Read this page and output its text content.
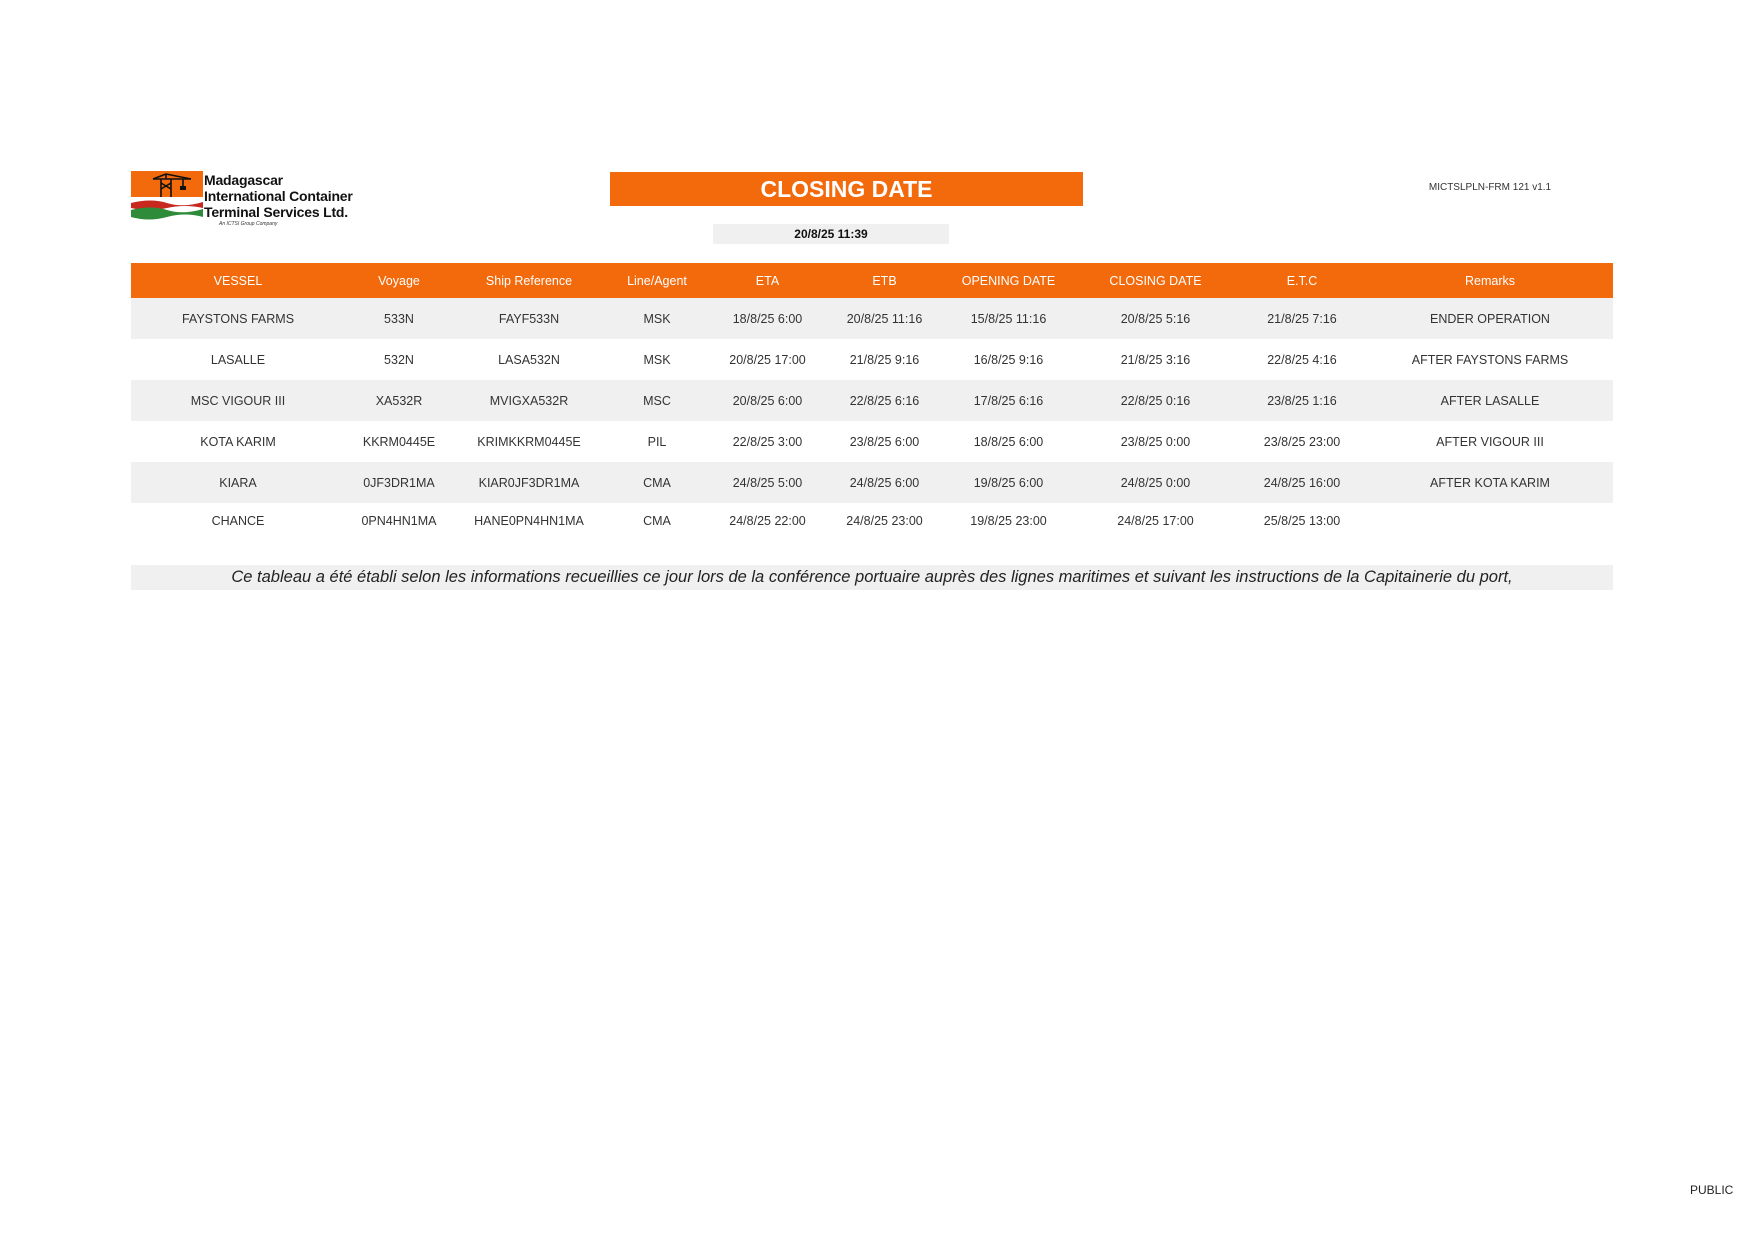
Madagascar
International Container
Terminal Services Ltd.
An ICTSI Group Company
CLOSING DATE	MICTSLPLN-FRM 121 v1.1
20/8/25 11:39
VESSEL	Voyage	Ship Reference	Line/Agent	ETA	ETB	OPENING DATE	CLOSING DATE	E.T.C	Remarks
FAYSTONS FARMS	533N	FAYF533N	MSK	18/8/25 6:00	20/8/25 11:16	15/8/25 11:16	20/8/25 5:16	21/8/25 7:16	ENDER OPERATION
LASALLE	532N	LASA532N	MSK	20/8/25 17:00	21/8/25 9:16	16/8/25 9:16	21/8/25 3:16	22/8/25 4:16	AFTER FAYSTONS FARMS
MSC VIGOUR III	XA532R	MVIGXA532R	MSC	20/8/25 6:00	22/8/25 6:16	17/8/25 6:16	22/8/25 0:16	23/8/25 1:16	AFTER LASALLE
KOTA KARIM	KKRM0445E	KRIMKKRM0445E	PIL	22/8/25 3:00	23/8/25 6:00	18/8/25 6:00	23/8/25 0:00	23/8/25 23:00	AFTER VIGOUR III
KIARA	0JF3DR1MA	KIAR0JF3DR1MA	CMA	24/8/25 5:00	24/8/25 6:00	19/8/25 6:00	24/8/25 0:00	24/8/25 16:00	AFTER KOTA KARIM
CHANCE	0PN4HN1MA	HANE0PN4HN1MA	CMA	24/8/25 22:00	24/8/25 23:00	19/8/25 23:00	24/8/25 17:00	25/8/25 13:00	
Ce tableau a été établi selon les informations recueillies ce jour lors de la conférence portuaire auprès des lignes maritimes et suivant les instructions de la Capitainerie du port,
PUBLIC
